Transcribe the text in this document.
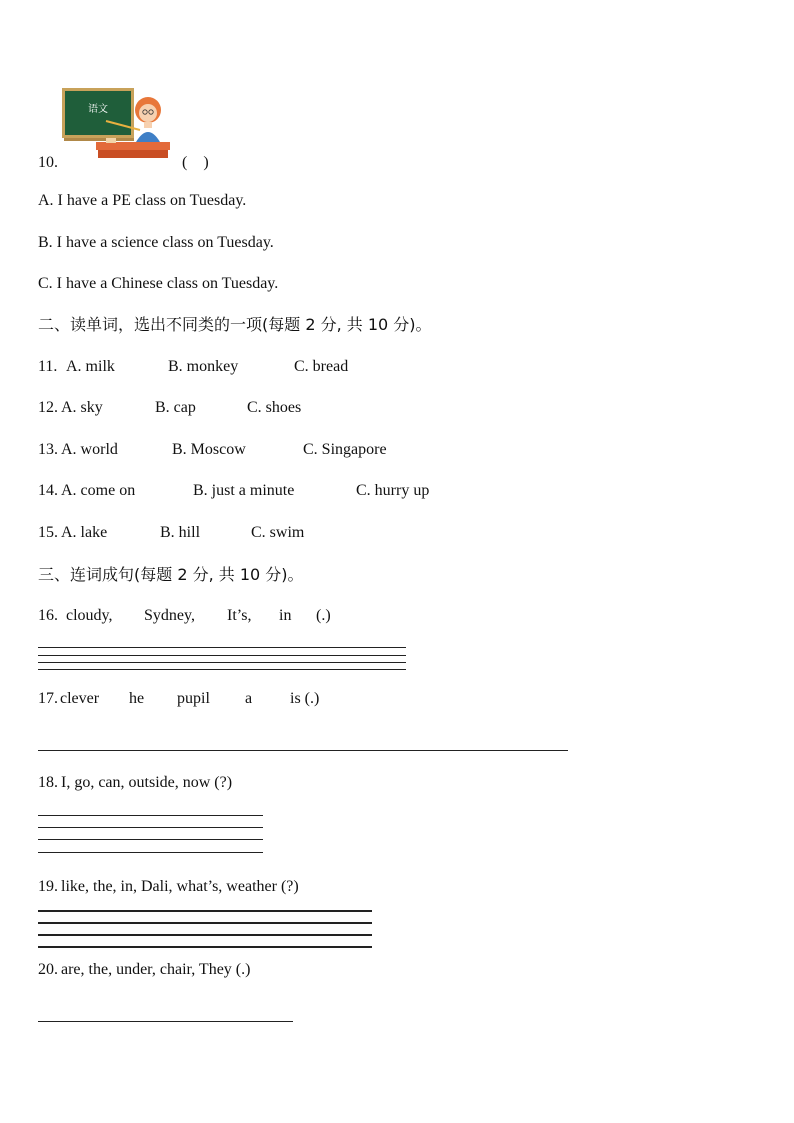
语文
10.	(    )
A. I have a PE class on Tuesday.
B. I have a science class on Tuesday.
C. I have a Chinese class on Tuesday.
二、读单词，选出不同类的一项(每题 2 分, 共 10 分)。
11. A. milk	B. monkey	C. bread
12. A. sky	B. cap	C. shoes
13. A. world	B. Moscow	C. Singapore
14. A. come on	B. just a minute	C. hurry up
15. A. lake	B. hill	C. swim
三、连词成句(每题 2 分, 共 10 分)。
16. cloudy, Sydney, It’s, in (.)
17. clever he pupil a is (.)
18. I, go, can, outside, now (?)
19. like, the, in, Dali, what’s, weather (?)
20. are, the, under, chair, They (.)
